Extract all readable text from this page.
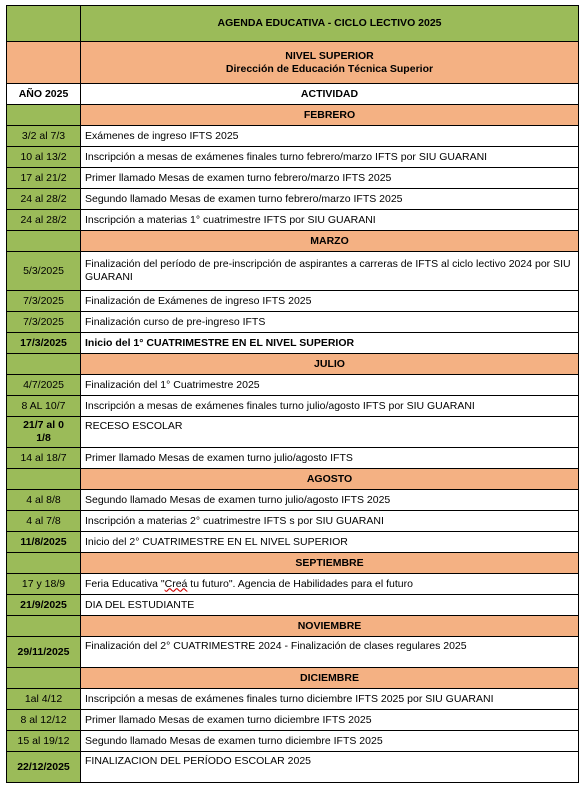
	AGENDA EDUCATIVA - CICLO LECTIVO 2025

	NIVEL SUPERIOR
Dirección de Educación Técnica Superior

AÑO 2025	ACTIVIDAD
	FEBRERO
3/2 al 7/3	Exámenes de ingreso IFTS 2025
10 al 13/2	Inscripción a mesas de exámenes finales turno febrero/marzo IFTS por SIU GUARANI
17 al 21/2	Primer llamado Mesas de examen turno febrero/marzo IFTS 2025
24 al 28/2	Segundo llamado Mesas de examen turno febrero/marzo IFTS 2025
24 al 28/2	Inscripción a materias 1° cuatrimestre IFTS por SIU GUARANI
	MARZO
5/3/2025	Finalización del período de pre-inscripción de aspirantes a carreras de IFTS al ciclo lectivo 2024 por SIU GUARANI
7/3/2025	Finalización de Exámenes de ingreso IFTS 2025
7/3/2025	Finalización curso de pre-ingreso IFTS
17/3/2025	Inicio del 1° CUATRIMESTRE EN EL NIVEL SUPERIOR
	JULIO
4/7/2025	Finalización del 1° Cuatrimestre 2025
8 AL 10/7	Inscripción a mesas de exámenes finales turno julio/agosto IFTS por SIU GUARANI
21/7 al 01/8	RECESO ESCOLAR
14 al 18/7	Primer llamado Mesas de examen turno julio/agosto IFTS
	AGOSTO
4 al 8/8	Segundo llamado Mesas de examen turno julio/agosto IFTS 2025
4 al 7/8	Inscripción a materias 2° cuatrimestre IFTS s por SIU GUARANI
11/8/2025	Inicio del 2° CUATRIMESTRE EN EL NIVEL SUPERIOR
	SEPTIEMBRE
17 y 18/9	Feria Educativa "Creá tu futuro". Agencia de Habilidades para el futuro
21/9/2025	DIA DEL ESTUDIANTE
	NOVIEMBRE
29/11/2025	Finalización del 2° CUATRIMESTRE 2024 - Finalización de clases regulares 2025
	DICIEMBRE
1al 4/12	Inscripción a mesas de exámenes finales turno diciembre IFTS 2025 por SIU GUARANI
8 al 12/12	Primer llamado Mesas de examen turno diciembre IFTS 2025
15 al 19/12	Segundo llamado Mesas de examen turno diciembre IFTS 2025
22/12/2025	FINALIZACION DEL PERÍODO ESCOLAR 2025
